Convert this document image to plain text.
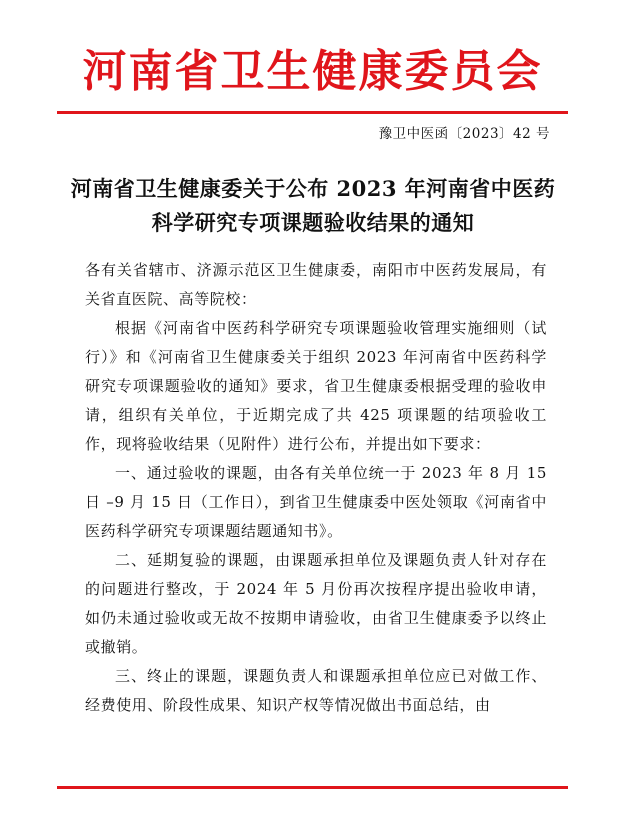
河南省卫生健康委员会
豫卫中医函〔2023〕42 号
河南省卫生健康委关于公布 2023 年河南省中医药
科学研究专项课题验收结果的通知

各有关省辖市、济源示范区卫生健康委，南阳市中医药发展局，有关省直医院、高等院校：

根据《河南省中医药科学研究专项课题验收管理实施细则（试行）》和《河南省卫生健康委关于组织 2023 年河南省中医药科学研究专项课题验收的通知》要求，省卫生健康委根据受理的验收申请，组织有关单位，于近期完成了共 425 项课题的结项验收工作，现将验收结果（见附件）进行公布，并提出如下要求：

一、通过验收的课题，由各有关单位统一于 2023 年 8 月 15 日 –9 月 15 日（工作日），到省卫生健康委中医处领取《河南省中医药科学研究专项课题结题通知书》。

二、延期复验的课题，由课题承担单位及课题负责人针对存在的问题进行整改，于 2024 年 5 月份再次按程序提出验收申请，如仍未通过验收或无故不按期申请验收，由省卫生健康委予以终止或撤销。

三、终止的课题，课题负责人和课题承担单位应已对做工作、经费使用、阶段性成果、知识产权等情况做出书面总结，由
